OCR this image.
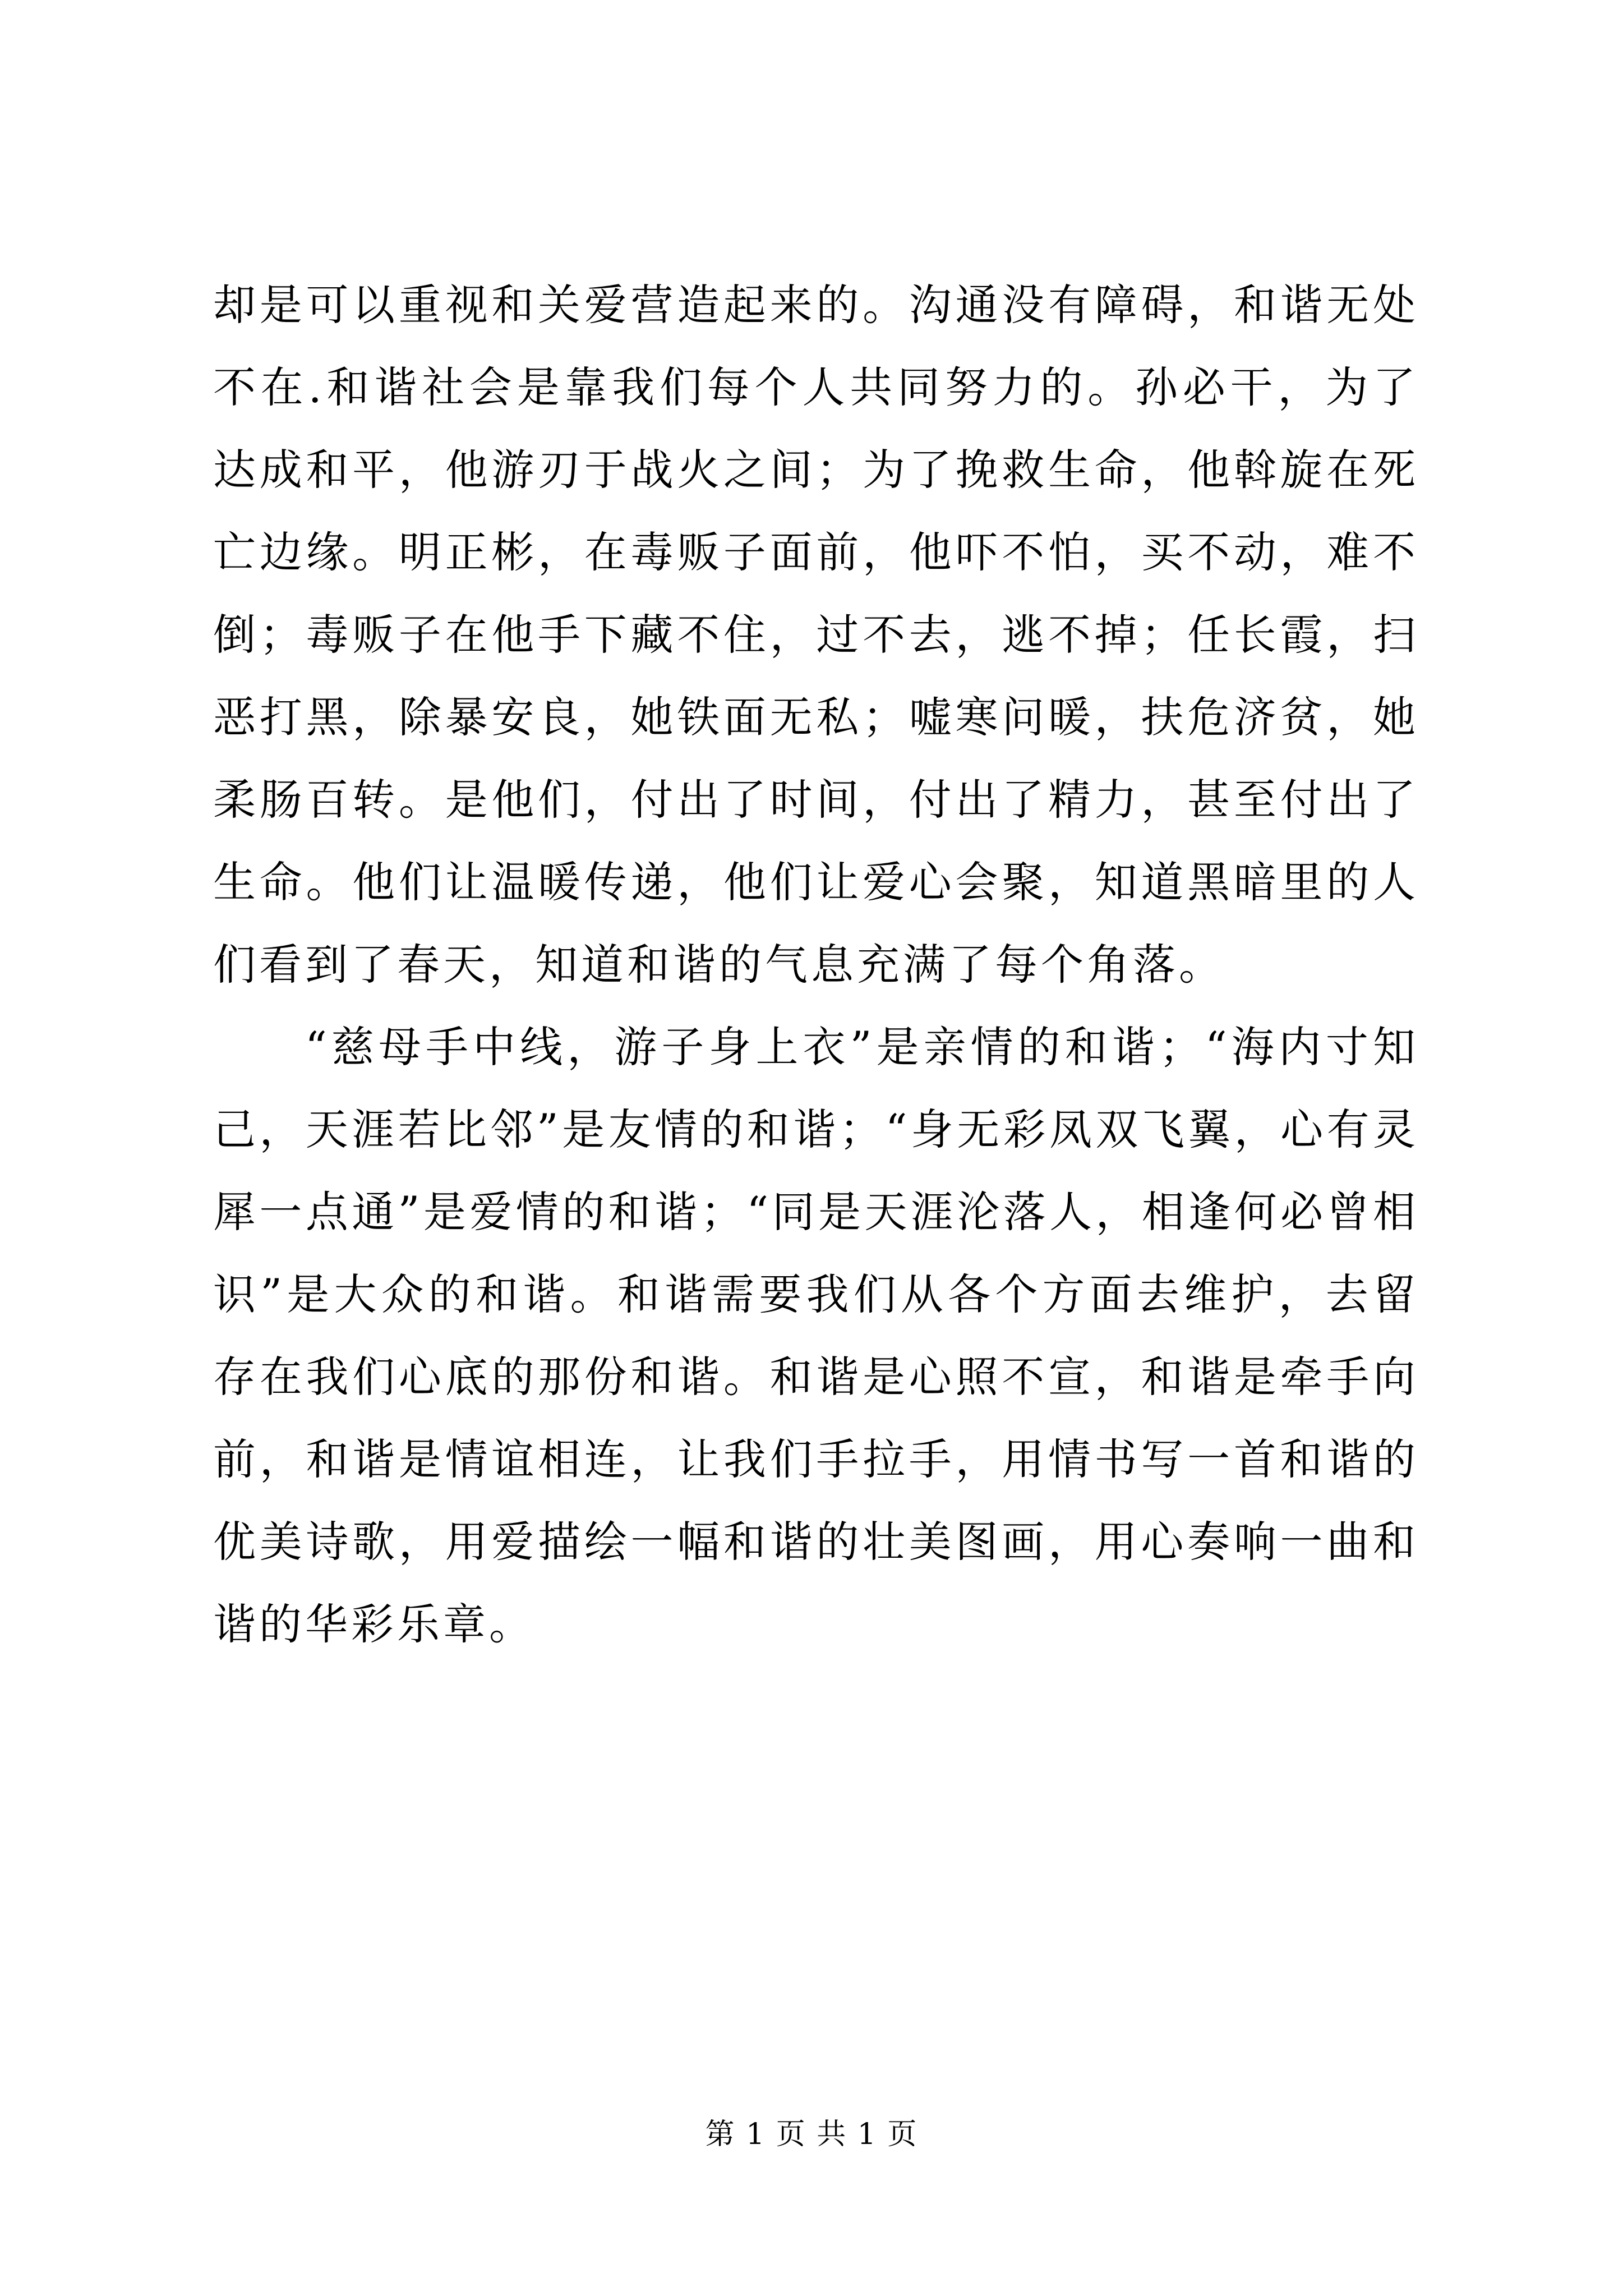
却是可以重视和关爱营造起来的。沟通没有障碍，和谐无处不在.和谐社会是靠我们每个人共同努力的。孙必干，为了达成和平，他游刃于战火之间；为了挽救生命，他斡旋在死亡边缘。明正彬，在毒贩子面前，他吓不怕，买不动，难不倒；毒贩子在他手下藏不住，过不去，逃不掉；任长霞，扫恶打黑，除暴安良，她铁面无私；嘘寒问暖，扶危济贫，她柔肠百转。是他们，付出了时间，付出了精力，甚至付出了生命。他们让温暖传递，他们让爱心会聚，知道黑暗里的人们看到了春天，知道和谐的气息充满了每个角落。

“慈母手中线，游子身上衣”是亲情的和谐；“海内寸知己，天涯若比邻”是友情的和谐；“身无彩凤双飞翼，心有灵犀一点通”是爱情的和谐；“同是天涯沦落人，相逢何必曾相识”是大众的和谐。和谐需要我们从各个方面去维护，去留存在我们心底的那份和谐。和谐是心照不宣，和谐是牵手向前，和谐是情谊相连，让我们手拉手，用情书写一首和谐的优美诗歌，用爱描绘一幅和谐的壮美图画，用心奏响一曲和谐的华彩乐章。

第 1 页 共 1 页
